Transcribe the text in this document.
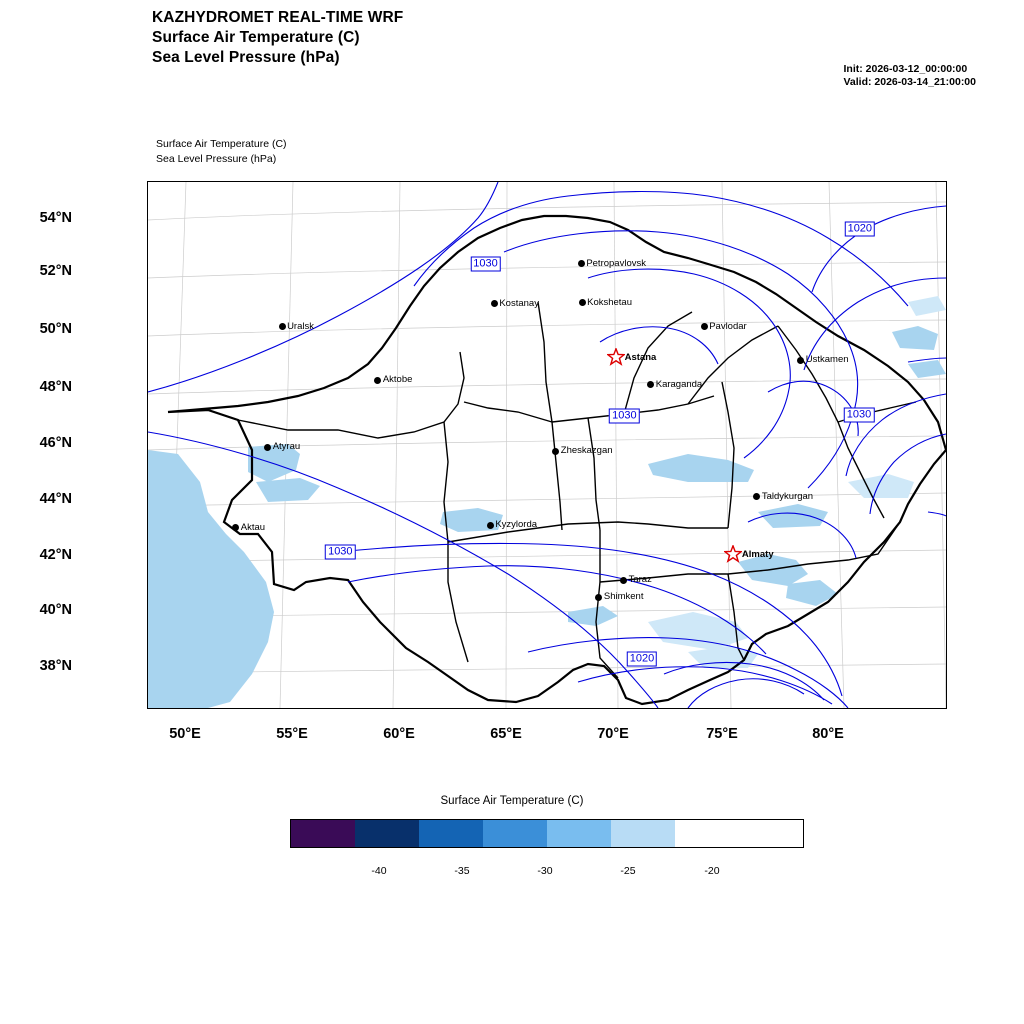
KAZHYDROMET REAL-TIME WRF
Surface Air Temperature (C)
Sea Level Pressure (hPa)
Init: 2026-03-12_00:00:00
Valid: 2026-03-14_21:00:00
Surface Air Temperature (C)
Sea Level Pressure (hPa)
54°N
52°N
50°N
48°N
46°N
44°N
42°N
40°N
38°N
50°E	55°E	60°E	65°E	70°E	75°E	80°E
1030
1020
1030	1030
1030
1020
Uralsk
Aktobe
Atyrau
Aktau
Kostanay
Petropavlovsk
Kokshetau
Pavlodar
Karaganda
Zheskazgan
Kyzylorda
Ustkamen
Taldykurgan
Taraz
Shimkent
Astana
Almaty
Surface Air Temperature (C)
-40	-35	-30	-25	-20
